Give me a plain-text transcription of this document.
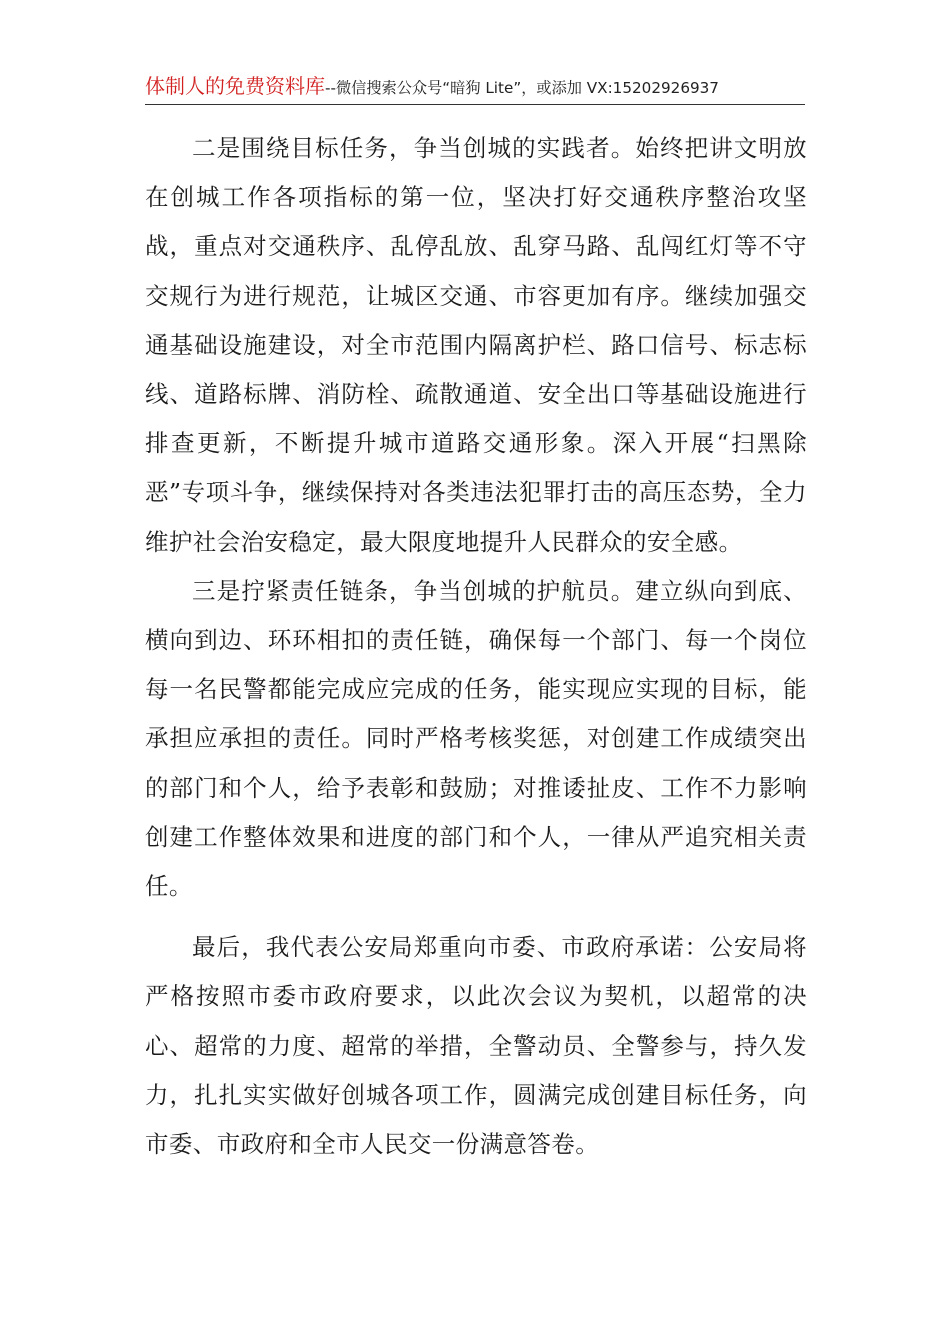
体制人的免费资料库--微信搜索公众号“暗狗 Lite”，或添加 VX:15202926937

二是围绕目标任务，争当创城的实践者。始终把讲文明放在创城工作各项指标的第一位，坚决打好交通秩序整治攻坚战，重点对交通秩序、乱停乱放、乱穿马路、乱闯红灯等不守交规行为进行规范，让城区交通、市容更加有序。继续加强交通基础设施建设，对全市范围内隔离护栏、路口信号、标志标线、道路标牌、消防栓、疏散通道、安全出口等基础设施进行排查更新，不断提升城市道路交通形象。深入开展“扫黑除恶”专项斗争，继续保持对各类违法犯罪打击的高压态势，全力维护社会治安稳定，最大限度地提升人民群众的安全感。

三是拧紧责任链条，争当创城的护航员。建立纵向到底、横向到边、环环相扣的责任链，确保每一个部门、每一个岗位每一名民警都能完成应完成的任务，能实现应实现的目标，能承担应承担的责任。同时严格考核奖惩，对创建工作成绩突出的部门和个人，给予表彰和鼓励；对推诿扯皮、工作不力影响创建工作整体效果和进度的部门和个人，一律从严追究相关责任。

最后，我代表公安局郑重向市委、市政府承诺：公安局将严格按照市委市政府要求，以此次会议为契机，以超常的决心、超常的力度、超常的举措，全警动员、全警参与，持久发力，扎扎实实做好创城各项工作，圆满完成创建目标任务，向市委、市政府和全市人民交一份满意答卷。
